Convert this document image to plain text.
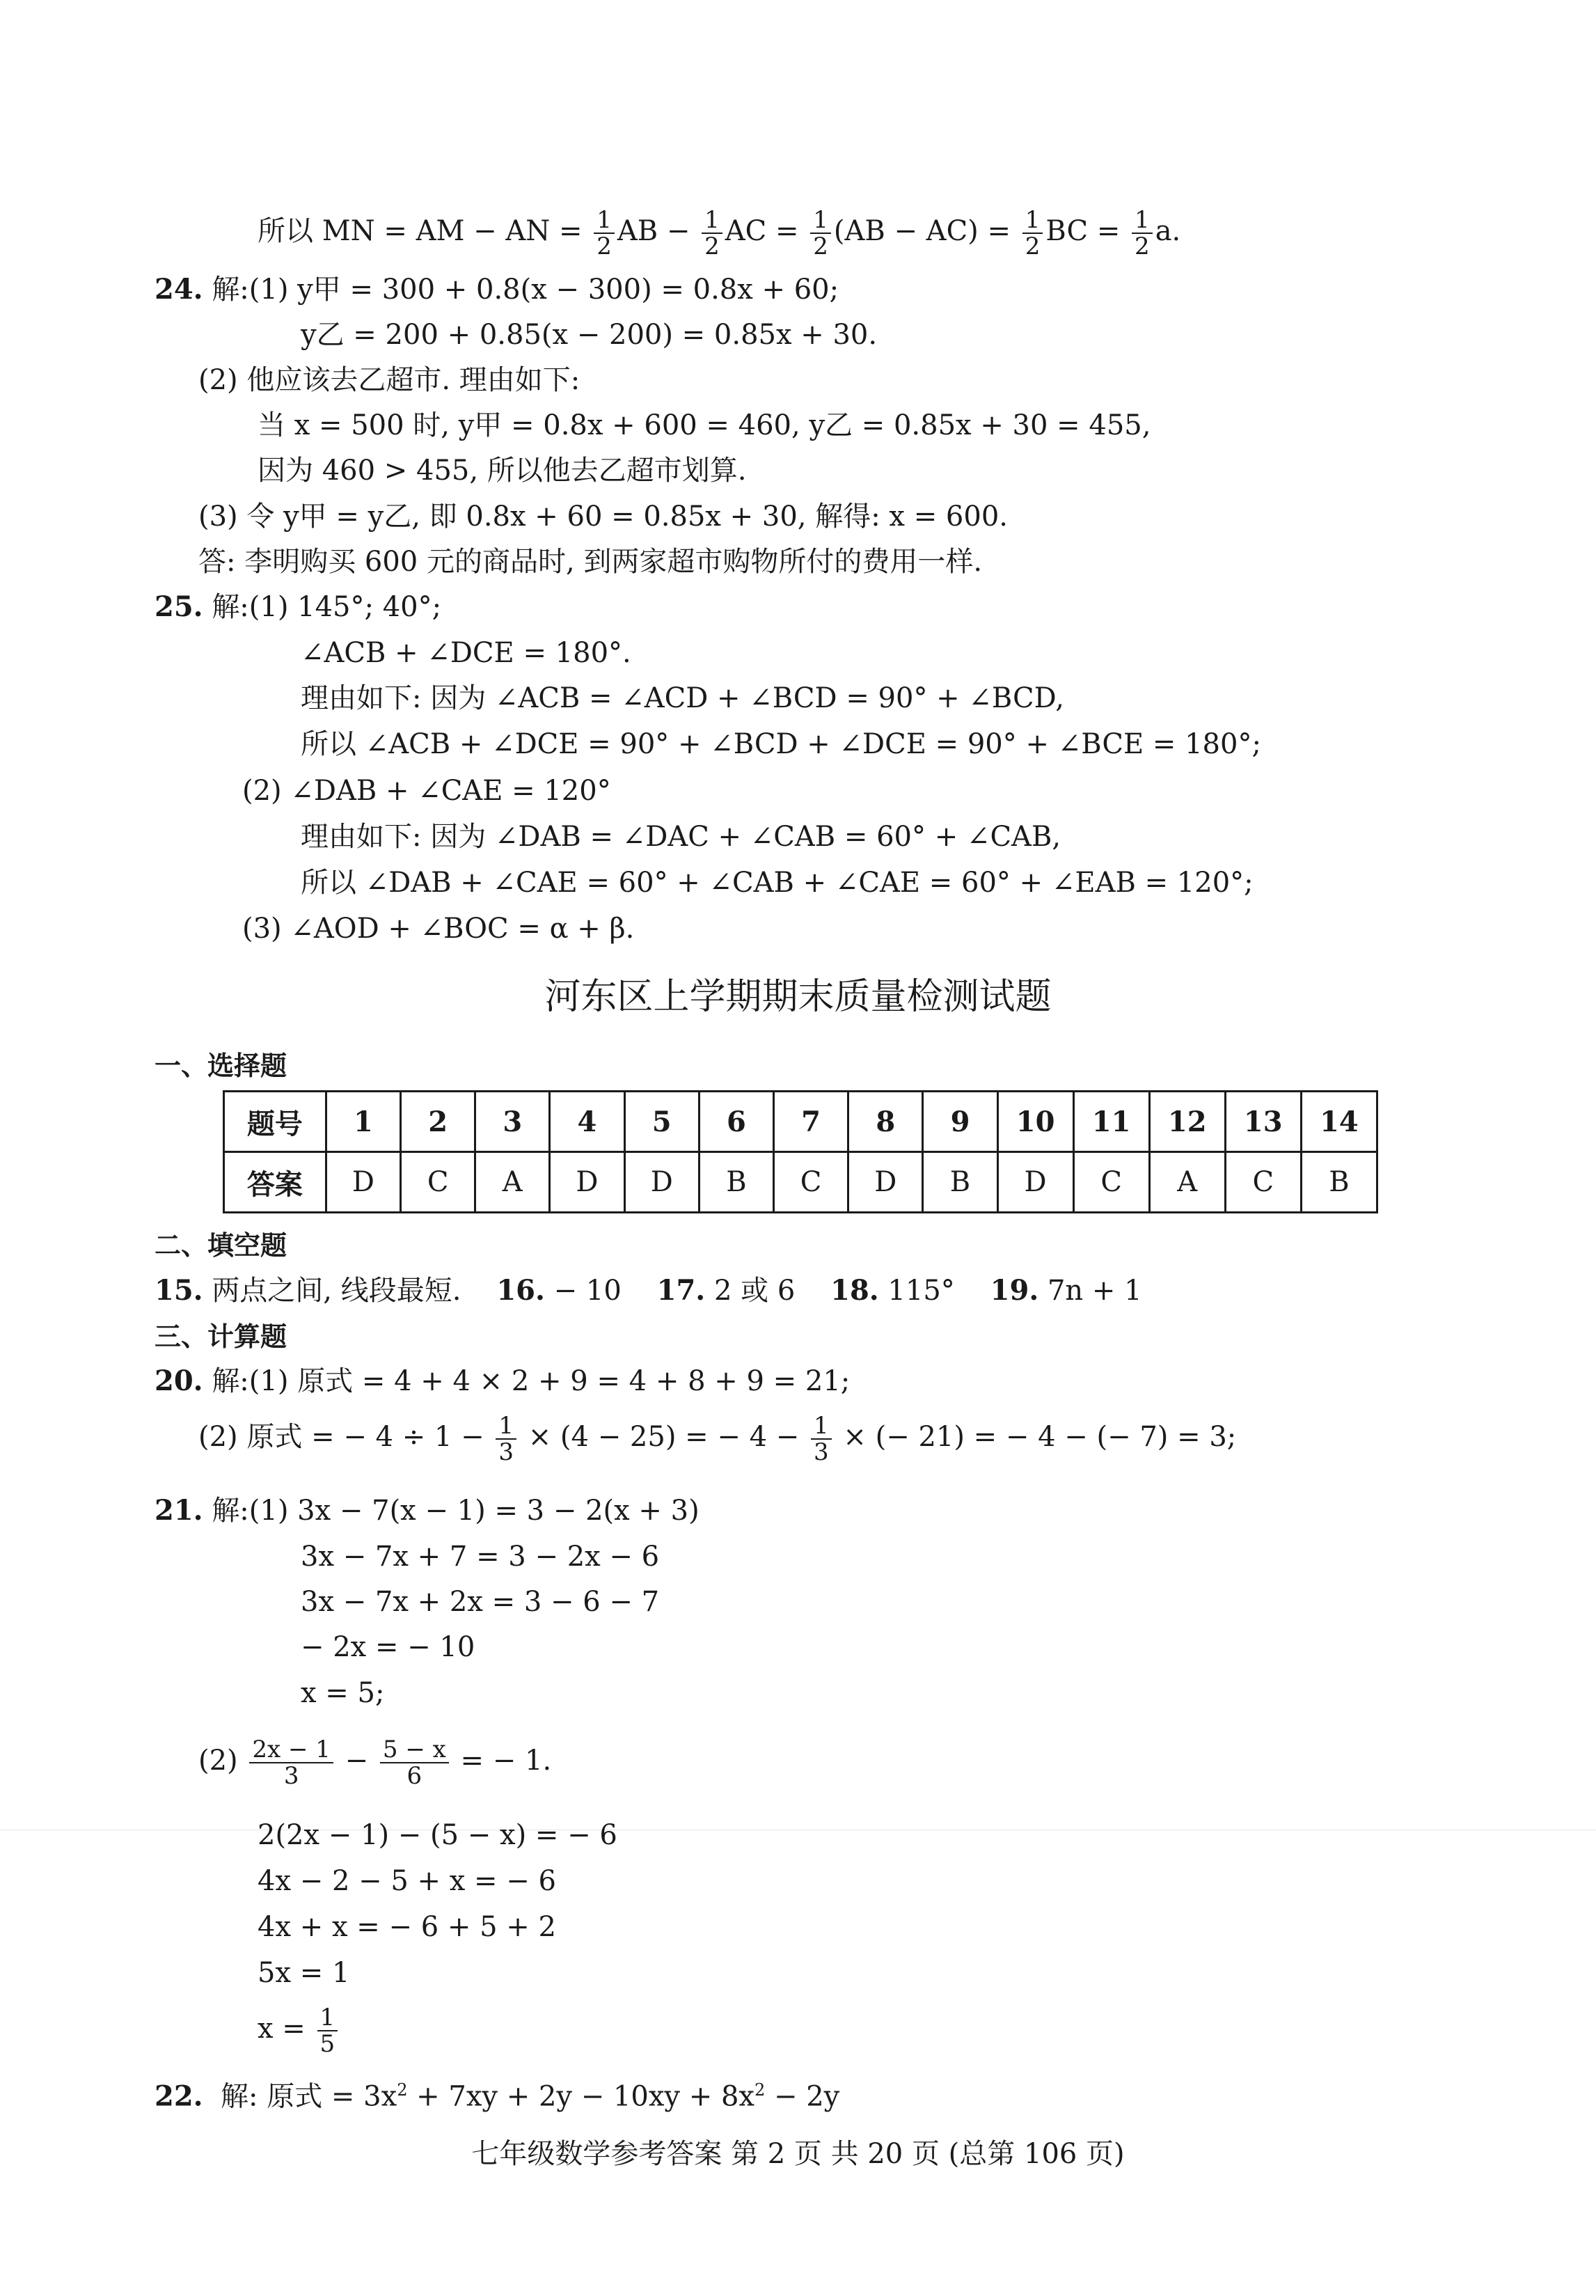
所以 MN = AM − AN = $\frac{1}{2}$ AB − $\frac{1}{2}$ AC = $\frac{1}{2} (AB - AC) = \frac{1}{2}$ BC = $\frac{1}{2} a$.
24. 解:(1) y甲 = 300 + 0.8(x − 300) = 0.8x + 60;
y乙 = 200 + 0.85(x − 200) = 0.85x + 30.
(2) 他应该去乙超市. 理由如下:
当 x = 500 时, y甲 = 0.8x + 600 = 460, y乙 = 0.85x + 30 = 455,
因为 460 > 455, 所以他去乙超市划算.
(3) 令 y甲 = y乙, 即 0.8x + 60 = 0.85x + 30, 解得: x = 600.
答: 李明购买 600 元的商品时, 到两家超市购物所付的费用一样.
25. 解:(1) 145°; 40°;
∠ACB + ∠DCE = 180°.
理由如下: 因为 ∠ACB = ∠ACD + ∠BCD = 90° + ∠BCD,
所以 ∠ACB + ∠DCE = 90° + ∠BCD + ∠DCE = 90° + ∠BCE = 180°;
(2) ∠DAB + ∠CAE = 120°
理由如下: 因为 ∠DAB = ∠DAC + ∠CAB = 60° + ∠CAB,
所以 ∠DAB + ∠CAE = 60° + ∠CAB + ∠CAE = 60° + ∠EAB = 120°;
(3) ∠AOD + ∠BOC = α + β.
河东区上学期期末质量检测试题
一、选择题
题号	1	2	3	4	5	6	7	8	9	10	11	12	13	14
答案	D	C	A	D	D	B	C	D	B	D	C	A	C	B
二、填空题
15. 两点之间, 线段最短. 16. − 10 17. 2 或 6 18. 115° 19. 7n + 1
三、计算题
20. 解:(1) 原式 = 4 + 4 × 2 + 9 = 4 + 8 + 9 = 21;
(2) 原式 = − $4 \div 1 - \frac{1}{3} \times (4 - 25)$ = − $4 - \frac{1}{3}$ × (− 21) = − 4 − (− 7) = 3;
21. 解:(1) 3x − 7(x − 1) = 3 − 2(x + 3)
3x − 7x + 7 = 3 − 2x − 6
3x − 7x + 2x = 3 − 6 − 7
− 2x = − 10
x = 5;
$(2) \frac{2x - 1}{3} - \frac{5 - x}{6}$ = − 1.
2(2x − 1) − (5 − x) = − 6
4x − 2 − 5 + x = − 6
4x + x = − 6 + 5 + 2
5x = 1
$x = \frac{1}{5}$
22. 解: 原式 = $3x^2 + 7xy + 2y - 10xy + 8x^2 - 2y$
七年级数学参考答案 第 2 页 共 20 页 (总第 106 页)
